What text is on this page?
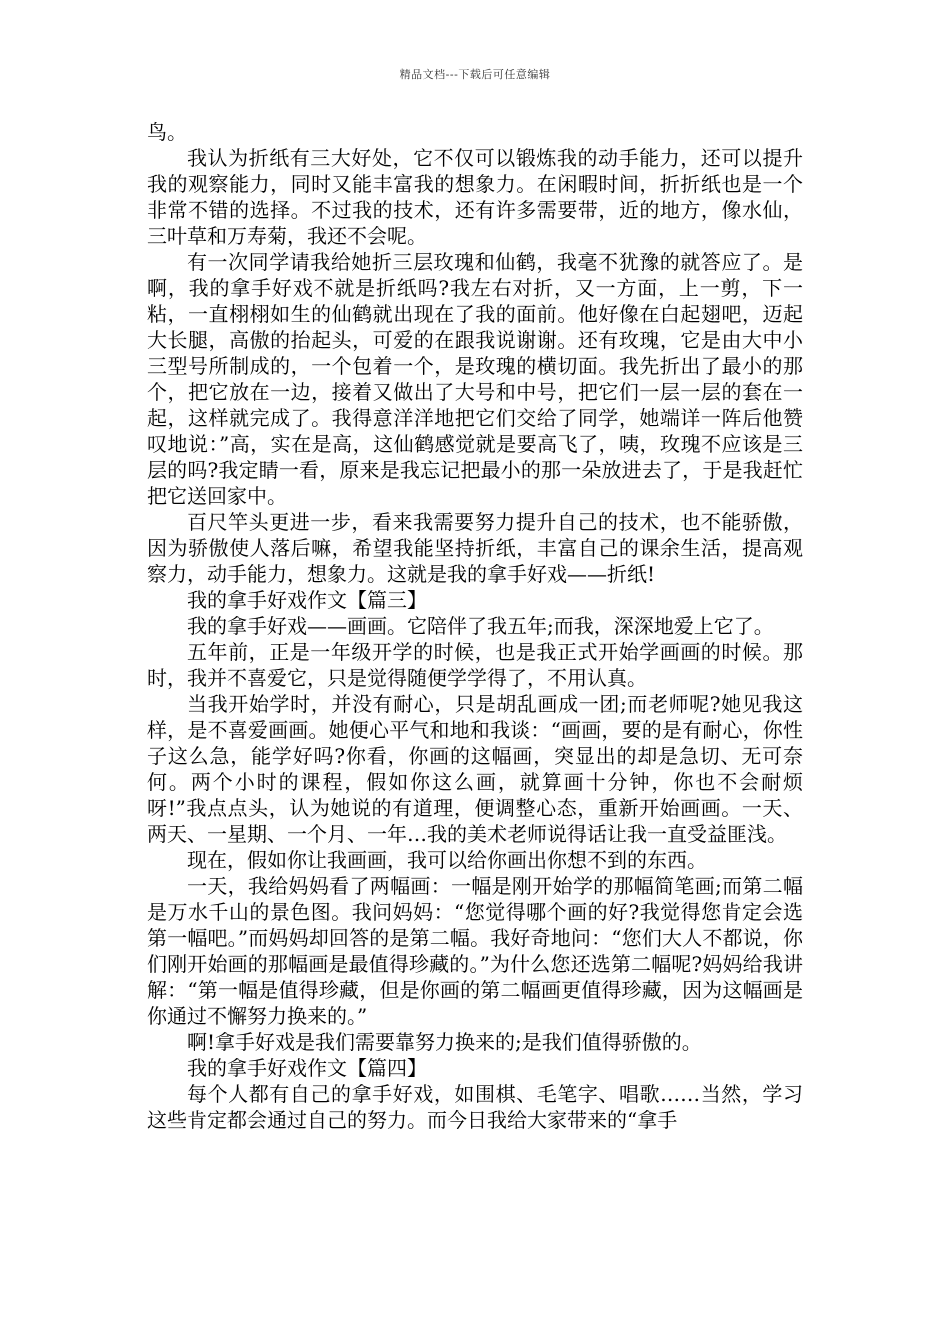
精品文档---下载后可任意编辑

鸟。

我认为折纸有三大好处，它不仅可以锻炼我的动手能力，还可以提升我的观察能力，同时又能丰富我的想象力。在闲暇时间，折折纸也是一个非常不错的选择。不过我的技术，还有许多需要带，近的地方，像水仙，三叶草和万寿菊，我还不会呢。

有一次同学请我给她折三层玫瑰和仙鹤，我毫不犹豫的就答应了。是啊，我的拿手好戏不就是折纸吗?我左右对折，又一方面，上一剪，下一粘，一直栩栩如生的仙鹤就出现在了我的面前。他好像在白起翅吧，迈起大长腿，高傲的抬起头，可爱的在跟我说谢谢。还有玫瑰，它是由大中小三型号所制成的，一个包着一个，是玫瑰的横切面。我先折出了最小的那个，把它放在一边，接着又做出了大号和中号，把它们一层一层的套在一起，这样就完成了。我得意洋洋地把它们交给了同学，她端详一阵后他赞叹地说：”高，实在是高，这仙鹤感觉就是要高飞了，咦，玫瑰不应该是三层的吗?我定睛一看，原来是我忘记把最小的那一朵放进去了，于是我赶忙把它送回家中。

百尺竿头更进一步，看来我需要努力提升自己的技术，也不能骄傲，因为骄傲使人落后嘛，希望我能坚持折纸，丰富自己的课余生活，提高观察力，动手能力，想象力。这就是我的拿手好戏——折纸!

我的拿手好戏作文【篇三】

我的拿手好戏——画画。它陪伴了我五年;而我，深深地爱上它了。

五年前，正是一年级开学的时候，也是我正式开始学画画的时候。那时，我并不喜爱它，只是觉得随便学学得了，不用认真。

当我开始学时，并没有耐心，只是胡乱画成一团;而老师呢?她见我这样，是不喜爱画画。她便心平气和地和我谈：“画画，要的是有耐心，你性子这么急，能学好吗?你看，你画的这幅画，突显出的却是急切、无可奈何。两个小时的课程，假如你这么画，就算画十分钟，你也不会耐烦呀!”我点点头，认为她说的有道理，便调整心态，重新开始画画。一天、两天、一星期、一个月、一年…我的美术老师说得话让我一直受益匪浅。

现在，假如你让我画画，我可以给你画出你想不到的东西。

一天，我给妈妈看了两幅画：一幅是刚开始学的那幅简笔画;而第二幅是万水千山的景色图。我问妈妈：“您觉得哪个画的好?我觉得您肯定会选第一幅吧。”而妈妈却回答的是第二幅。我好奇地问：“您们大人不都说，你们刚开始画的那幅画是最值得珍藏的。”为什么您还选第二幅呢?妈妈给我讲解：“第一幅是值得珍藏，但是你画的第二幅画更值得珍藏，因为这幅画是你通过不懈努力换来的。”

啊!拿手好戏是我们需要靠努力换来的;是我们值得骄傲的。

我的拿手好戏作文【篇四】

每个人都有自己的拿手好戏，如围棋、毛笔字、唱歌……当然，学习这些肯定都会通过自己的努力。而今日我给大家带来的“拿手
